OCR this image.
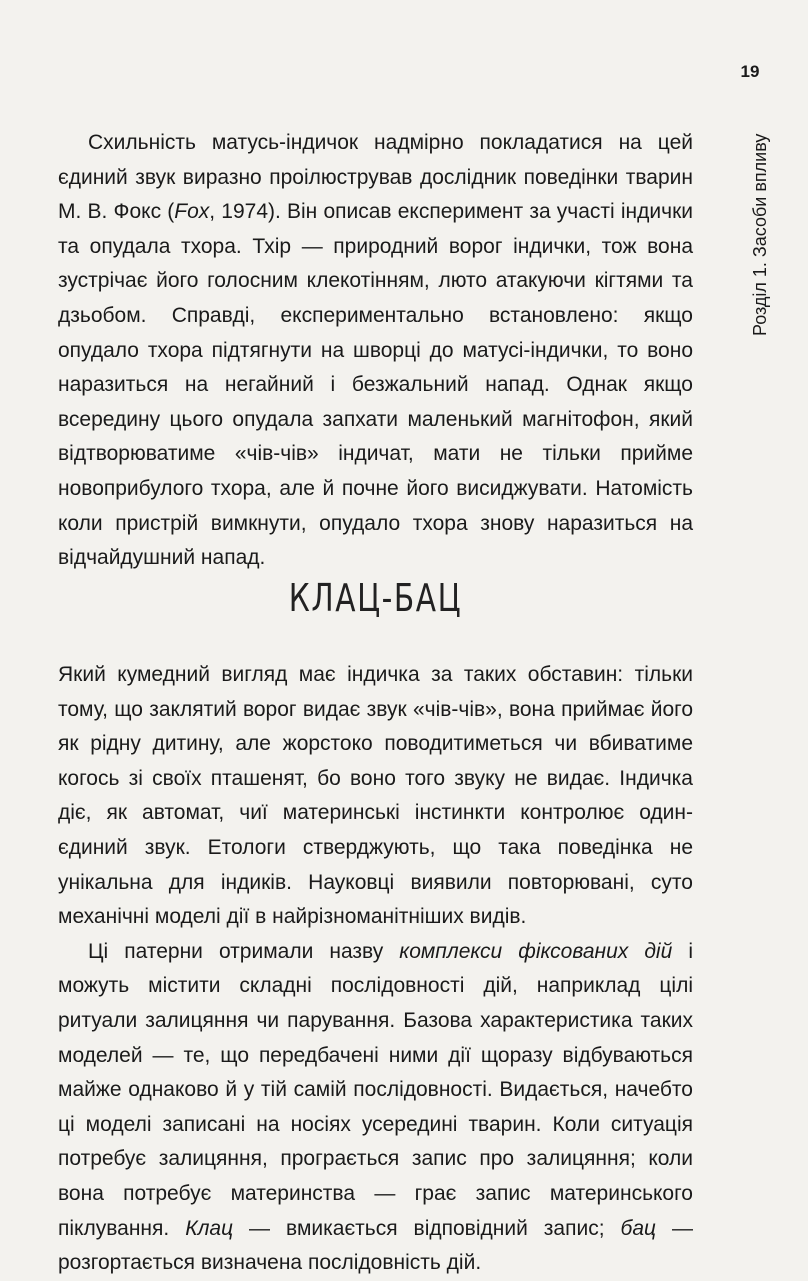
19
Розділ 1. Засоби впливу

Схильність матусь-індичок надмірно покладатися на цей єдиний звук виразно проілюстрував дослідник поведінки тварин М. В. Фокс (Fox, 1974). Він описав експеримент за участі індички та опудала тхора. Тхір — природний ворог індички, тож вона зустрічає його голосним клекотінням, люто атакуючи кігтями та дзьобом. Справді, експериментально встановлено: якщо опудало тхора підтягнути на шворці до матусі-індички, то воно наразиться на негайний і безжальний напад. Однак якщо всередину цього опудала запхати маленький магнітофон, який відтворюватиме «чів-чів» індичат, мати не тільки прийме новоприбулого тхора, але й почне його висиджувати. Натомість коли пристрій вимкнути, опудало тхора знову наразиться на відчайдушний напад.

КЛАЦ-БАЦ

Який кумедний вигляд має індичка за таких обставин: тільки тому, що заклятий ворог видає звук «чів-чів», вона приймає його як рідну дитину, але жорстоко поводитиметься чи вбиватиме когось зі своїх пташенят, бо воно того звуку не видає. Індичка діє, як автомат, чиї материнські інстинкти контролює один-єдиний звук. Етологи стверджують, що така поведінка не унікальна для індиків. Науковці виявили повторювані, суто механічні моделі дії в найрізноманітніших видів.

Ці патерни отримали назву комплекси фіксованих дій і можуть містити складні послідовності дій, наприклад цілі ритуали залицяння чи парування. Базова характеристика таких моделей — те, що передбачені ними дії щоразу відбуваються майже однаково й у тій самій послідовності. Видається, начебто ці моделі записані на носіях усередині тварин. Коли ситуація потребує залицяння, програється запис про залицяння; коли вона потребує материнства — грає запис материнського піклування. Клац — вмикається відповідний запис; бац — розгортається визначена послідовність дій.
